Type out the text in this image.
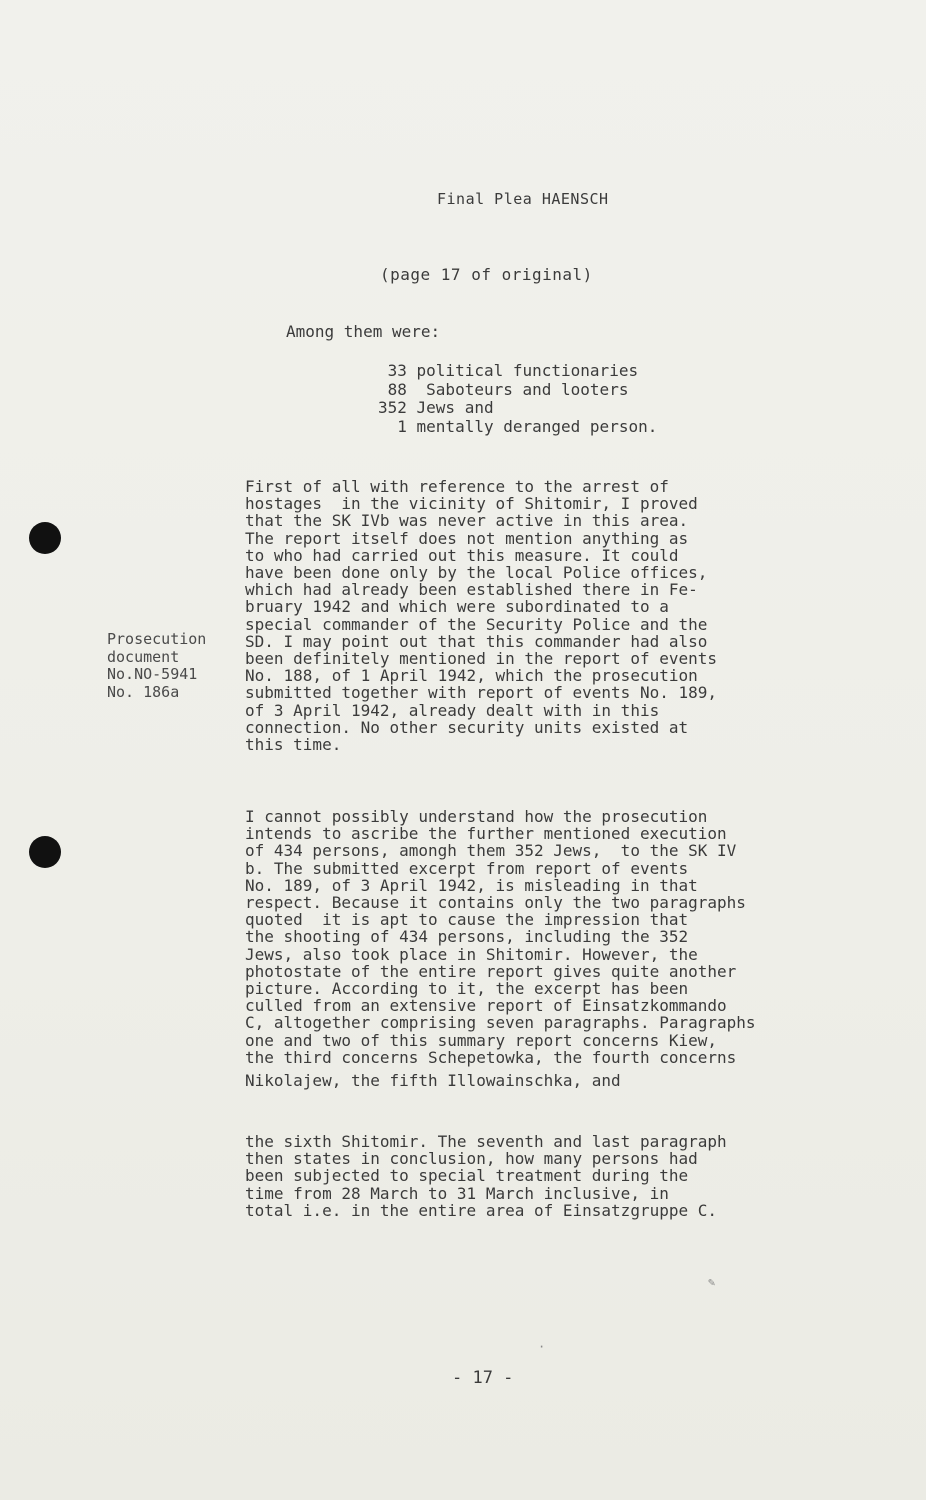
Final Plea HAENSCH
(page 17 of original)
Among them were:
33 political functionaries
88  Saboteurs and looters
352 Jews and
1 mentally deranged person.
First of all with reference to the arrest of
hostages  in the vicinity of Shitomir, I proved
that the SK IVb was never active in this area.
The report itself does not mention anything as
to who had carried out this measure. It could
have been done only by the local Police offices,
which had already been established there in Fe-
bruary 1942 and which were subordinated to a
special commander of the Security Police and the
SD. I may point out that this commander had also
been definitely mentioned in the report of events
No. 188, of 1 April 1942, which the prosecution
submitted together with report of events No. 189,
of 3 April 1942, already dealt with in this
connection. No other security units existed at
this time.
Prosecution
document
No.NO-5941
No. 186a
I cannot possibly understand how the prosecution
intends to ascribe the further mentioned execution
of 434 persons, amongh them 352 Jews,  to the SK IV
b. The submitted excerpt from report of events
No. 189, of 3 April 1942, is misleading in that
respect. Because it contains only the two paragraphs
quoted  it is apt to cause the impression that
the shooting of 434 persons, including the 352
Jews, also took place in Shitomir. However, the
photostate of the entire report gives quite another
picture. According to it, the excerpt has been
culled from an extensive report of Einsatzkommando
C, altogether comprising seven paragraphs. Paragraphs
one and two of this summary report concerns Kiew,
the third concerns Schepetowka, the fourth concerns
Nikolajew, the fifth Illowainschka, and
the sixth Shitomir. The seventh and last paragraph
then states in conclusion, how many persons had
been subjected to special treatment during the
time from 28 March to 31 March inclusive, in
total i.e. in the entire area of Einsatzgruppe C.
✎
·
- 17 -
